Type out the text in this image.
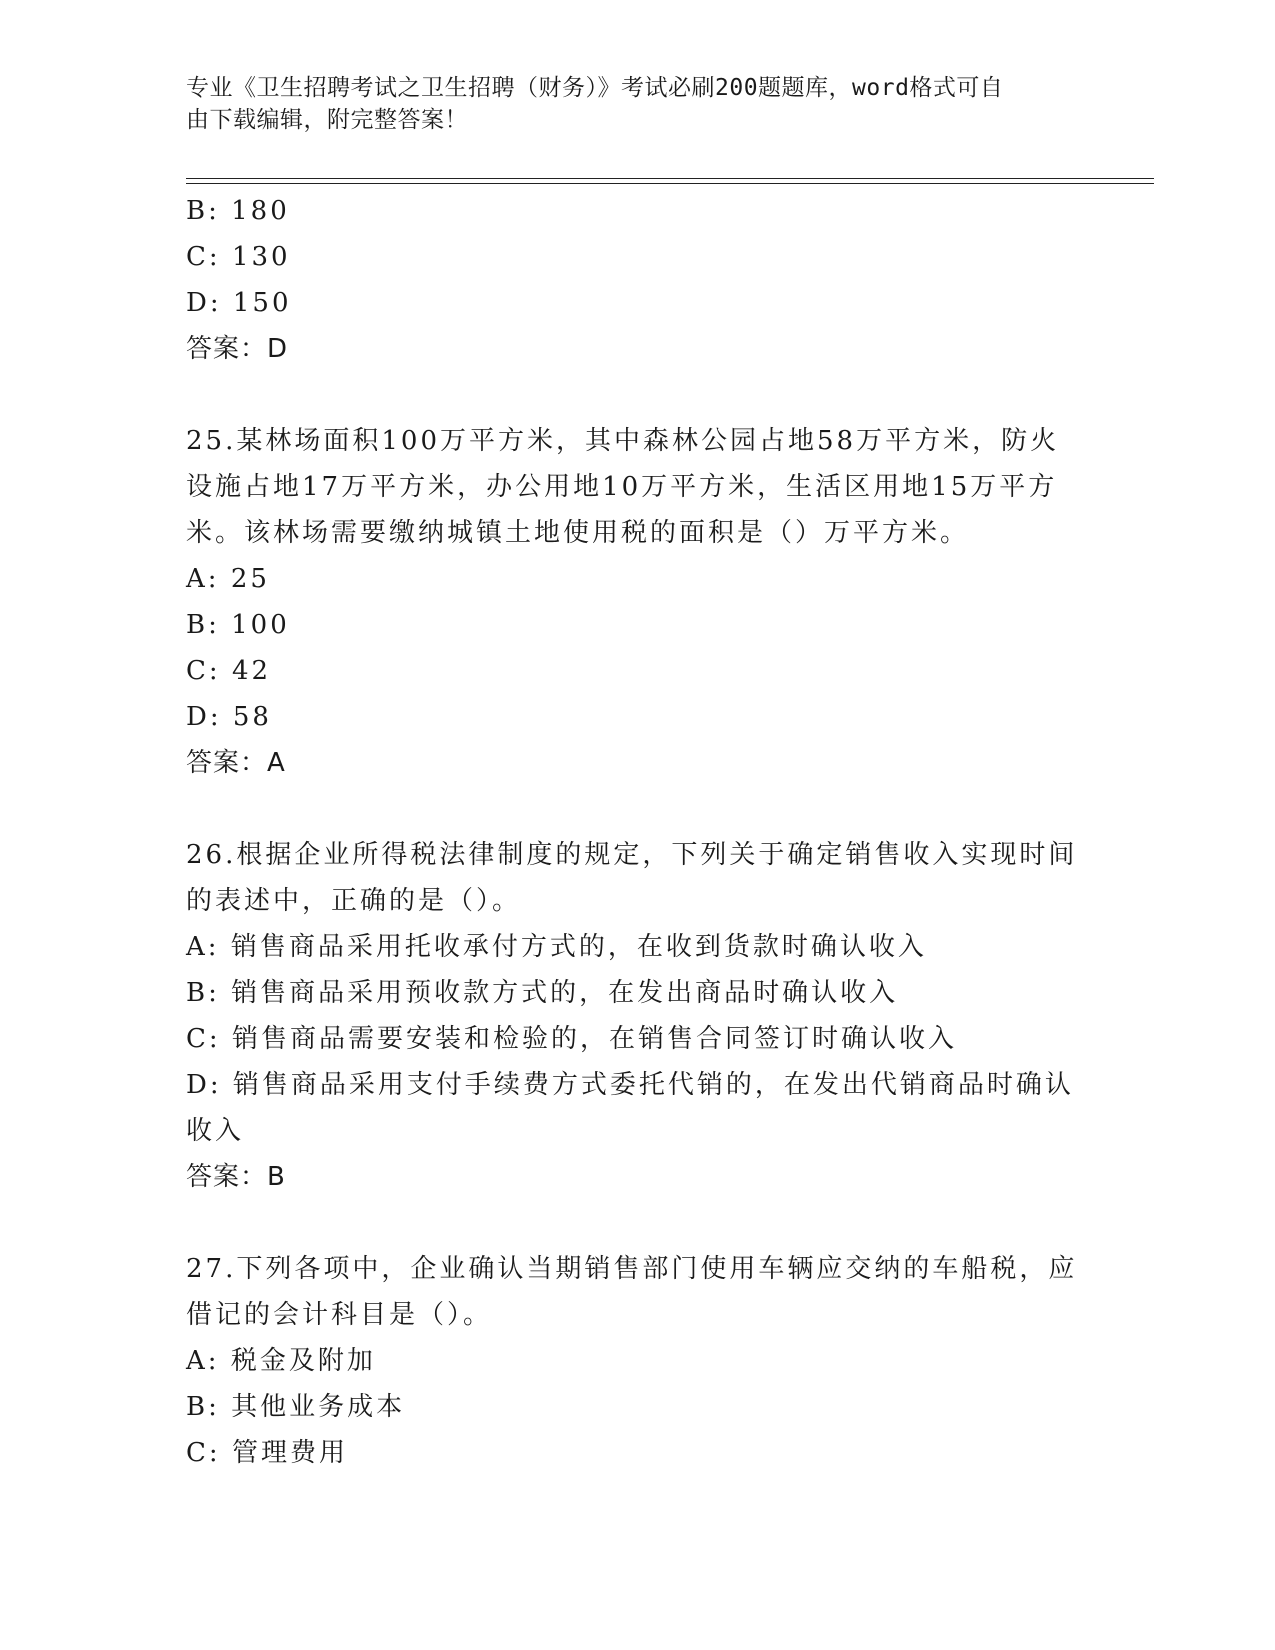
专业《卫生招聘考试之卫生招聘（财务）》考试必刷200题题库，word格式可自
由下载编辑，附完整答案！
B: 180
C: 130
D: 150
答案：D
25.某林场面积100万平方米，其中森林公园占地58万平方米，防火
设施占地17万平方米，办公用地10万平方米，生活区用地15万平方
米。该林场需要缴纳城镇土地使用税的面积是（）万平方米。
A: 25
B: 100
C: 42
D: 58
答案：A
26.根据企业所得税法律制度的规定，下列关于确定销售收入实现时间
的表述中，正确的是（）。
A: 销售商品采用托收承付方式的，在收到货款时确认收入
B: 销售商品采用预收款方式的，在发出商品时确认收入
C: 销售商品需要安装和检验的，在销售合同签订时确认收入
D: 销售商品采用支付手续费方式委托代销的，在发出代销商品时确认
收入
答案：B
27.下列各项中，企业确认当期销售部门使用车辆应交纳的车船税，应
借记的会计科目是（）。
A: 税金及附加
B: 其他业务成本
C: 管理费用
